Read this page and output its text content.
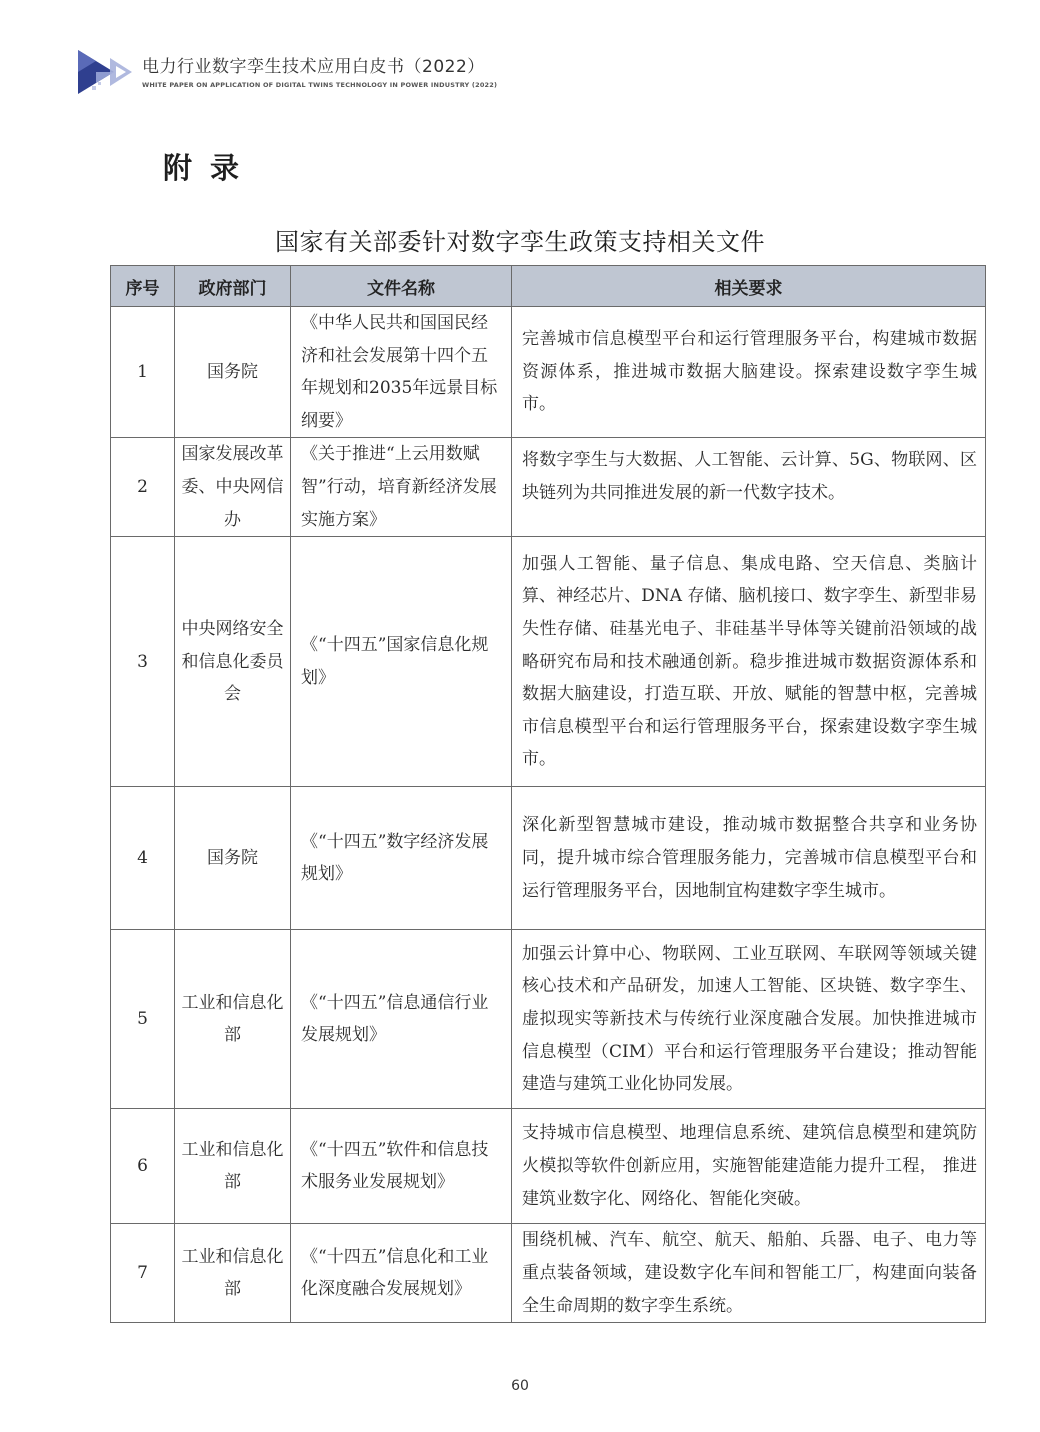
电力行业数字孪生技术应用白皮书（2022）
WHITE PAPER ON APPLICATION OF DIGITAL TWINS TECHNOLOGY IN POWER INDUSTRY (2022)
附录
国家有关部委针对数字孪生政策支持相关文件
序号	政府部门	文件名称	相关要求
1	国务院	《中华人民共和国国民经济和社会发展第十四个五年规划和2035年远景目标纲要》	完善城市信息模型平台和运行管理服务平台，构建城市数据资源体系，推进城市数据大脑建设。探索建设数字孪生城市。
2	国家发展改革委、中央网信办	《关于推进“上云用数赋智”行动，培育新经济发展实施方案》	将数字孪生与大数据、人工智能、云计算、5G、物联网、区块链列为共同推进发展的新一代数字技术。
3	中央网络安全和信息化委员会	《“十四五”国家信息化规划》	加强人工智能、量子信息、集成电路、空天信息、类脑计算、神经芯片、DNA 存储、脑机接口、数字孪生、新型非易失性存储、硅基光电子、非硅基半导体等关键前沿领域的战略研究布局和技术融通创新。稳步推进城市数据资源体系和数据大脑建设，打造互联、开放、赋能的智慧中枢，完善城市信息模型平台和运行管理服务平台，探索建设数字孪生城市。
4	国务院	《“十四五”数字经济发展规划》	深化新型智慧城市建设，推动城市数据整合共享和业务协同，提升城市综合管理服务能力，完善城市信息模型平台和运行管理服务平台，因地制宜构建数字孪生城市。
5	工业和信息化部	《“十四五”信息通信行业发展规划》	加强云计算中心、物联网、工业互联网、车联网等领域关键核心技术和产品研发，加速人工智能、区块链、数字孪生、 虚拟现实等新技术与传统行业深度融合发展。加快推进城市信息模型（CIM）平台和运行管理服务平台建设；推动智能建造与建筑工业化协同发展。
6	工业和信息化部	《“十四五”软件和信息技术服务业发展规划》	支持城市信息模型、地理信息系统、建筑信息模型和建筑防火模拟等软件创新应用，实施智能建造能力提升工程， 推进建筑业数字化、网络化、智能化突破。
7	工业和信息化部	《“十四五”信息化和工业化深度融合发展规划》	围绕机械、汽车、航空、航天、船舶、兵器、电子、电力等重点装备领域，建设数字化车间和智能工厂，构建面向装备全生命周期的数字孪生系统。
60
